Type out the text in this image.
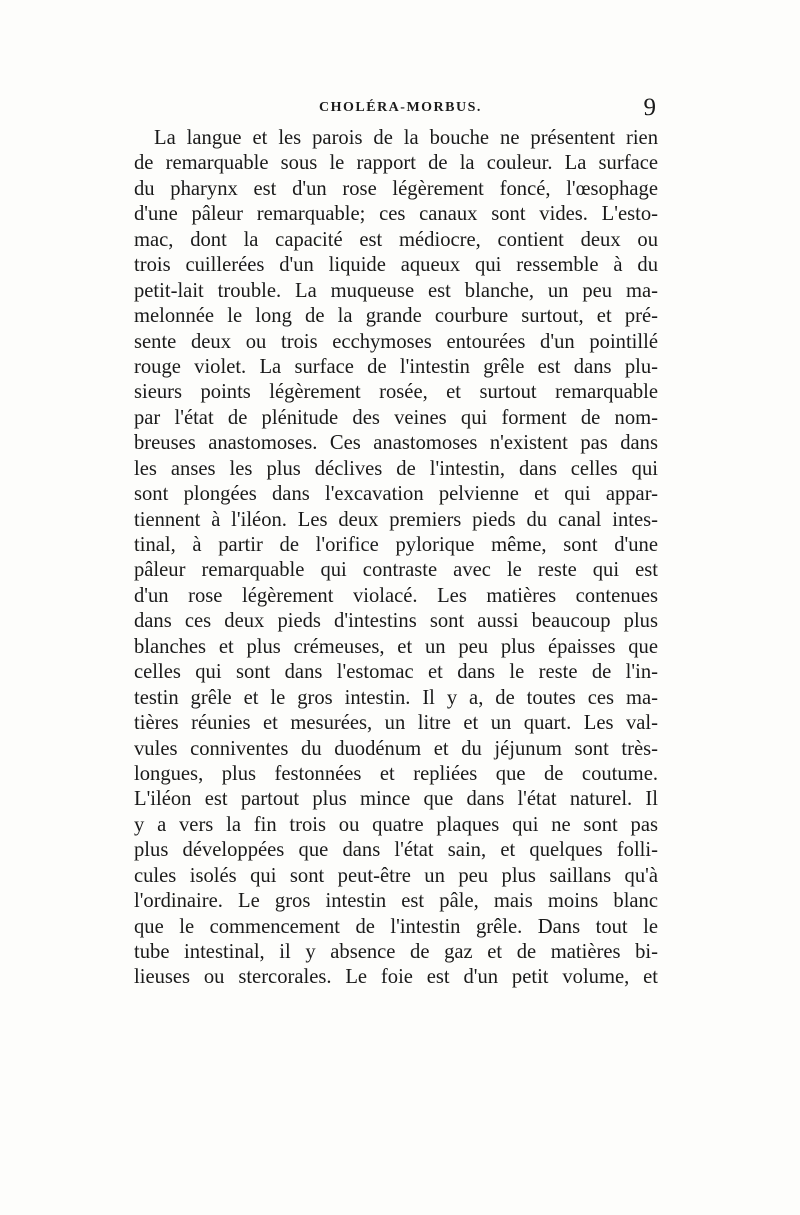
CHOLÉRA-MORBUS.	9
La langue et les parois de la bouche ne présentent rien
de remarquable sous le rapport de la couleur. La surface
du pharynx est d'un rose légèrement foncé, l'œsophage
d'une pâleur remarquable; ces canaux sont vides. L'esto-
mac, dont la capacité est médiocre, contient deux ou
trois cuillerées d'un liquide aqueux qui ressemble à du
petit-lait trouble. La muqueuse est blanche, un peu ma-
melonnée le long de la grande courbure surtout, et pré-
sente deux ou trois ecchymoses entourées d'un pointillé
rouge violet. La surface de l'intestin grêle est dans plu-
sieurs points légèrement rosée, et surtout remarquable
par l'état de plénitude des veines qui forment de nom-
breuses anastomoses. Ces anastomoses n'existent pas dans
les anses les plus déclives de l'intestin, dans celles qui
sont plongées dans l'excavation pelvienne et qui appar-
tiennent à l'iléon. Les deux premiers pieds du canal intes-
tinal, à partir de l'orifice pylorique même, sont d'une
pâleur remarquable qui contraste avec le reste qui est
d'un rose légèrement violacé. Les matières contenues
dans ces deux pieds d'intestins sont aussi beaucoup plus
blanches et plus crémeuses, et un peu plus épaisses que
celles qui sont dans l'estomac et dans le reste de l'in-
testin grêle et le gros intestin. Il y a, de toutes ces ma-
tières réunies et mesurées, un litre et un quart. Les val-
vules conniventes du duodénum et du jéjunum sont très-
longues, plus festonnées et repliées que de coutume.
L'iléon est partout plus mince que dans l'état naturel. Il
y a vers la fin trois ou quatre plaques qui ne sont pas
plus développées que dans l'état sain, et quelques folli-
cules isolés qui sont peut-être un peu plus saillans qu'à
l'ordinaire. Le gros intestin est pâle, mais moins blanc
que le commencement de l'intestin grêle. Dans tout le
tube intestinal, il y absence de gaz et de matières bi-
lieuses ou stercorales. Le foie est d'un petit volume, et
